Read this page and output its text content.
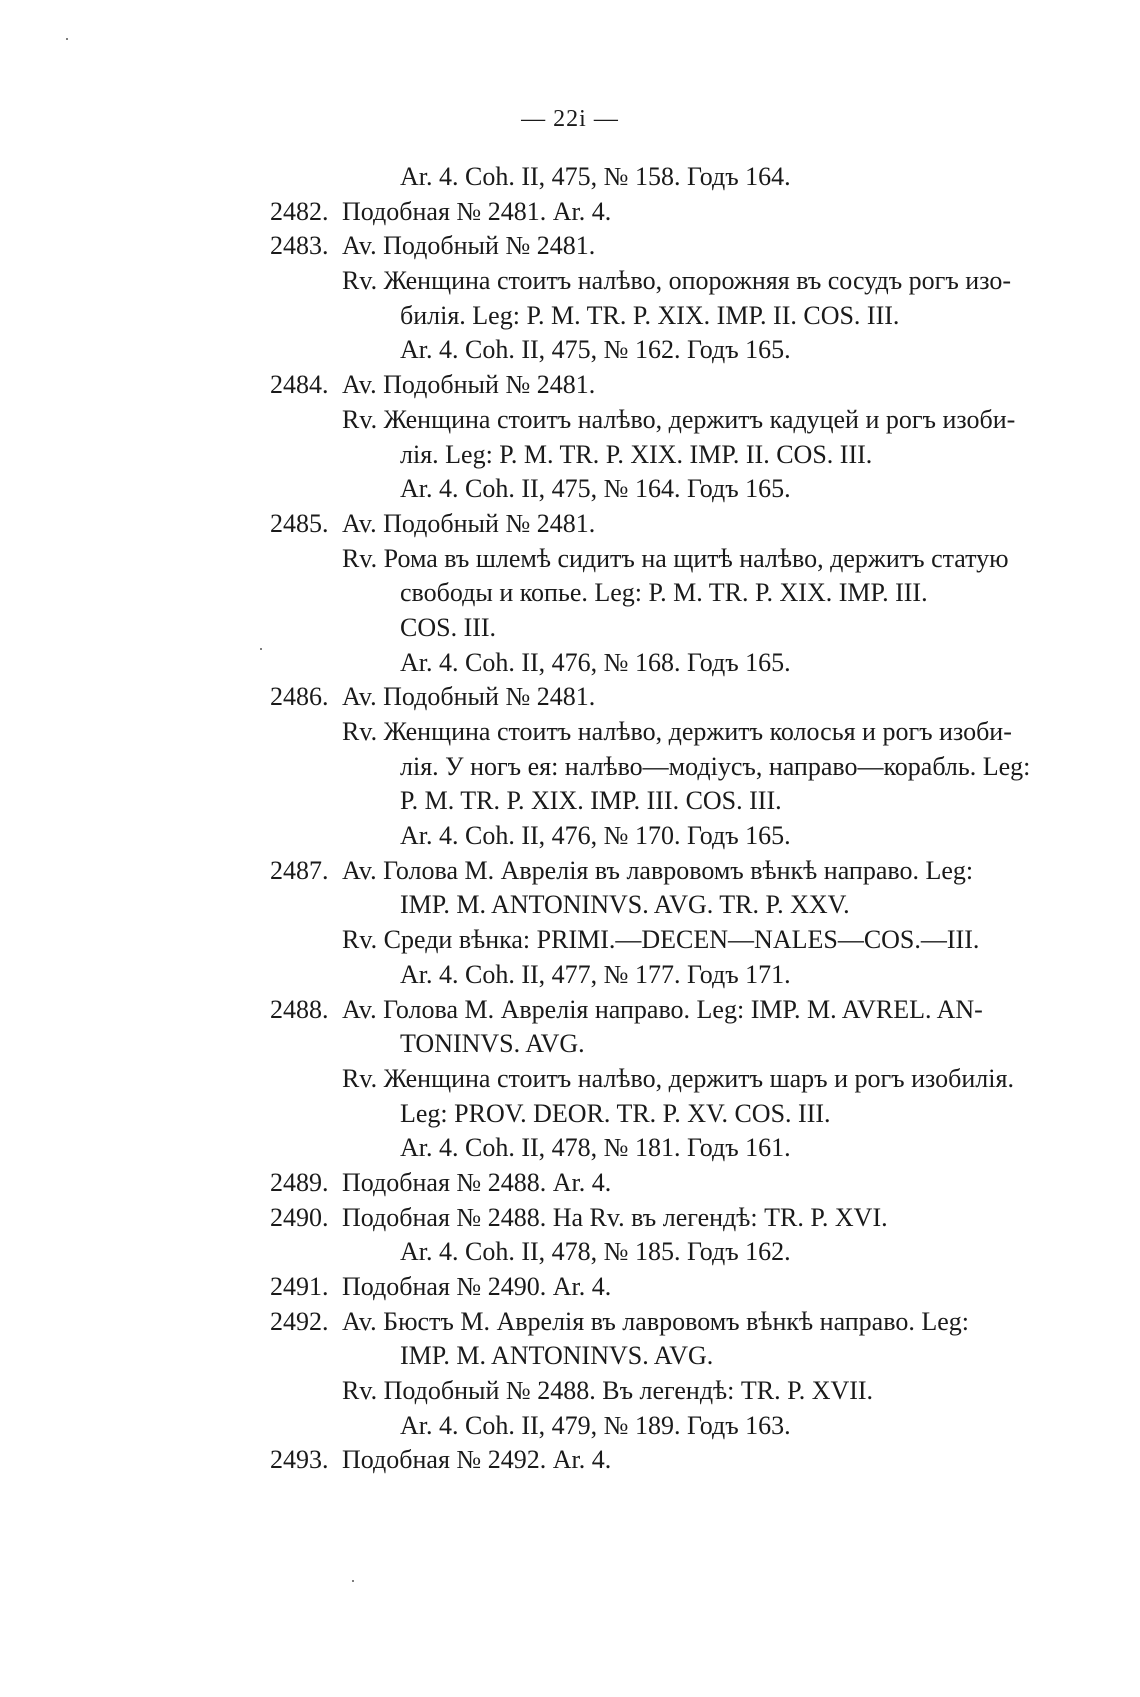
— 22і —
Ar. 4. Coh. II, 475, № 158. Годъ 164.
2482. Подобная № 2481. Ar. 4.
2483. Av. Подобный № 2481.
Rv. Женщина стоитъ налѣво, опорожняя въ сосудъ рогъ изо-
билія. Leg: P. M. TR. P. XIX. IMP. II. COS. III.
Ar. 4. Coh. II, 475, № 162. Годъ 165.
2484. Av. Подобный № 2481.
Rv. Женщина стоитъ налѣво, держитъ кадуцей и рогъ изоби-
лія. Leg: P. M. TR. P. XIX. IMP. II. COS. III.
Ar. 4. Coh. II, 475, № 164. Годъ 165.
2485. Av. Подобный № 2481.
Rv. Рома въ шлемѣ сидитъ на щитѣ налѣво, держитъ статую
свободы и копье. Leg: P. M. TR. P. XIX. IMP. III.
COS. III.
Ar. 4. Coh. II, 476, № 168. Годъ 165.
2486. Av. Подобный № 2481.
Rv. Женщина стоитъ налѣво, держитъ колосья и рогъ изоби-
лія. У ногъ ея: налѣво—модіусъ, направо—корабль. Leg:
P. M. TR. P. XIX. IMP. III. COS. III.
Ar. 4. Coh. II, 476, № 170. Годъ 165.
2487. Av. Голова М. Аврелія въ лавровомъ вѣнкѣ направо. Leg:
IMP. M. ANTONINVS. AVG. TR. P. XXV.
Rv. Среди вѣнка: PRIMI.—DECEN—NALES—COS.—III.
Ar. 4. Coh. II, 477, № 177. Годъ 171.
2488. Av. Голова М. Аврелія направо. Leg: IMP. M. AVREL. AN-
TONINVS. AVG.
Rv. Женщина стоитъ налѣво, держитъ шаръ и рогъ изобилія.
Leg: PROV. DEOR. TR. P. XV. COS. III.
Ar. 4. Coh. II, 478, № 181. Годъ 161.
2489. Подобная № 2488. Ar. 4.
2490. Подобная № 2488. На Rv. въ легендѣ: TR. P. XVI.
Ar. 4. Coh. II, 478, № 185. Годъ 162.
2491. Подобная № 2490. Ar. 4.
2492. Av. Бюстъ М. Аврелія въ лавровомъ вѣнкѣ направо. Leg:
IMP. M. ANTONINVS. AVG.
Rv. Подобный № 2488. Въ легендѣ: TR. P. XVII.
Ar. 4. Coh. II, 479, № 189. Годъ 163.
2493. Подобная № 2492. Ar. 4.
